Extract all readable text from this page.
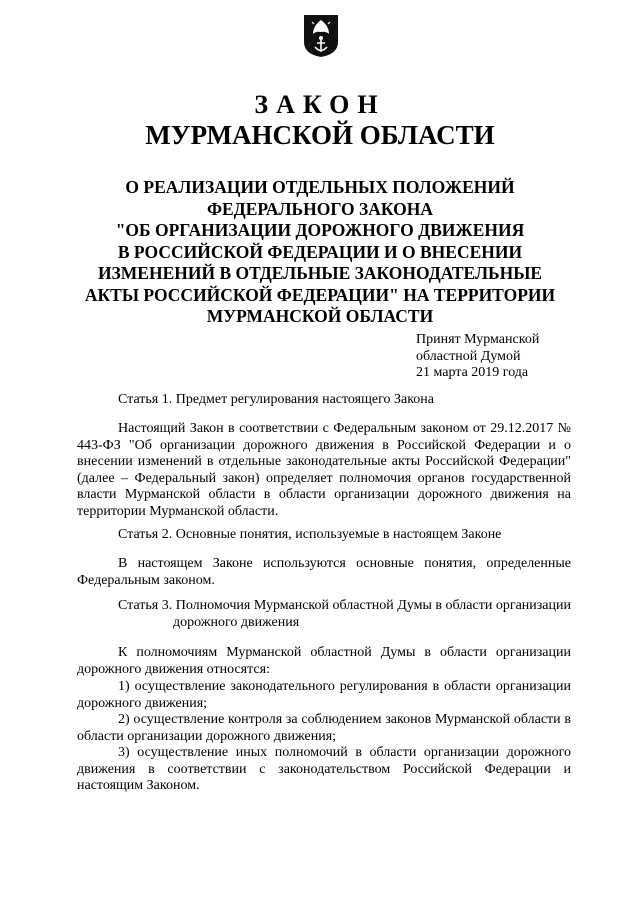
ЗАКОН
МУРМАНСКОЙ ОБЛАСТИ
О РЕАЛИЗАЦИИ ОТДЕЛЬНЫХ ПОЛОЖЕНИЙ
ФЕДЕРАЛЬНОГО ЗАКОНА
"ОБ ОРГАНИЗАЦИИ ДОРОЖНОГО ДВИЖЕНИЯ
В РОССИЙСКОЙ ФЕДЕРАЦИИ И О ВНЕСЕНИИ
ИЗМЕНЕНИЙ В ОТДЕЛЬНЫЕ ЗАКОНОДАТЕЛЬНЫЕ
АКТЫ РОССИЙСКОЙ ФЕДЕРАЦИИ" НА ТЕРРИТОРИИ
МУРМАНСКОЙ ОБЛАСТИ
Принят Мурманской
областной Думой
21 марта 2019 года
Статья 1. Предмет регулирования настоящего Закона
Настоящий Закон в соответствии с Федеральным законом от 29.12.2017 № 443-ФЗ "Об организации дорожного движения в Российской Федерации и о внесении изменений в отдельные законодательные акты Российской Федерации" (далее – Федеральный закон) определяет полномочия органов государственной власти Мурманской области в области организации дорожного движения на территории Мурманской области.
Статья 2. Основные понятия, используемые в настоящем Законе
В настоящем Законе используются основные понятия, определенные Федеральным законом.
Статья 3. Полномочия Мурманской областной Думы в области организации
дорожного движения
К полномочиям Мурманской областной Думы в области организации дорожного движения относятся:
1) осуществление законодательного регулирования в области организации дорожного движения;
2) осуществление контроля за соблюдением законов Мурманской области в области организации дорожного движения;
3) осуществление иных полномочий в области организации дорожного движения в соответствии с законодательством Российской Федерации и настоящим Законом.
